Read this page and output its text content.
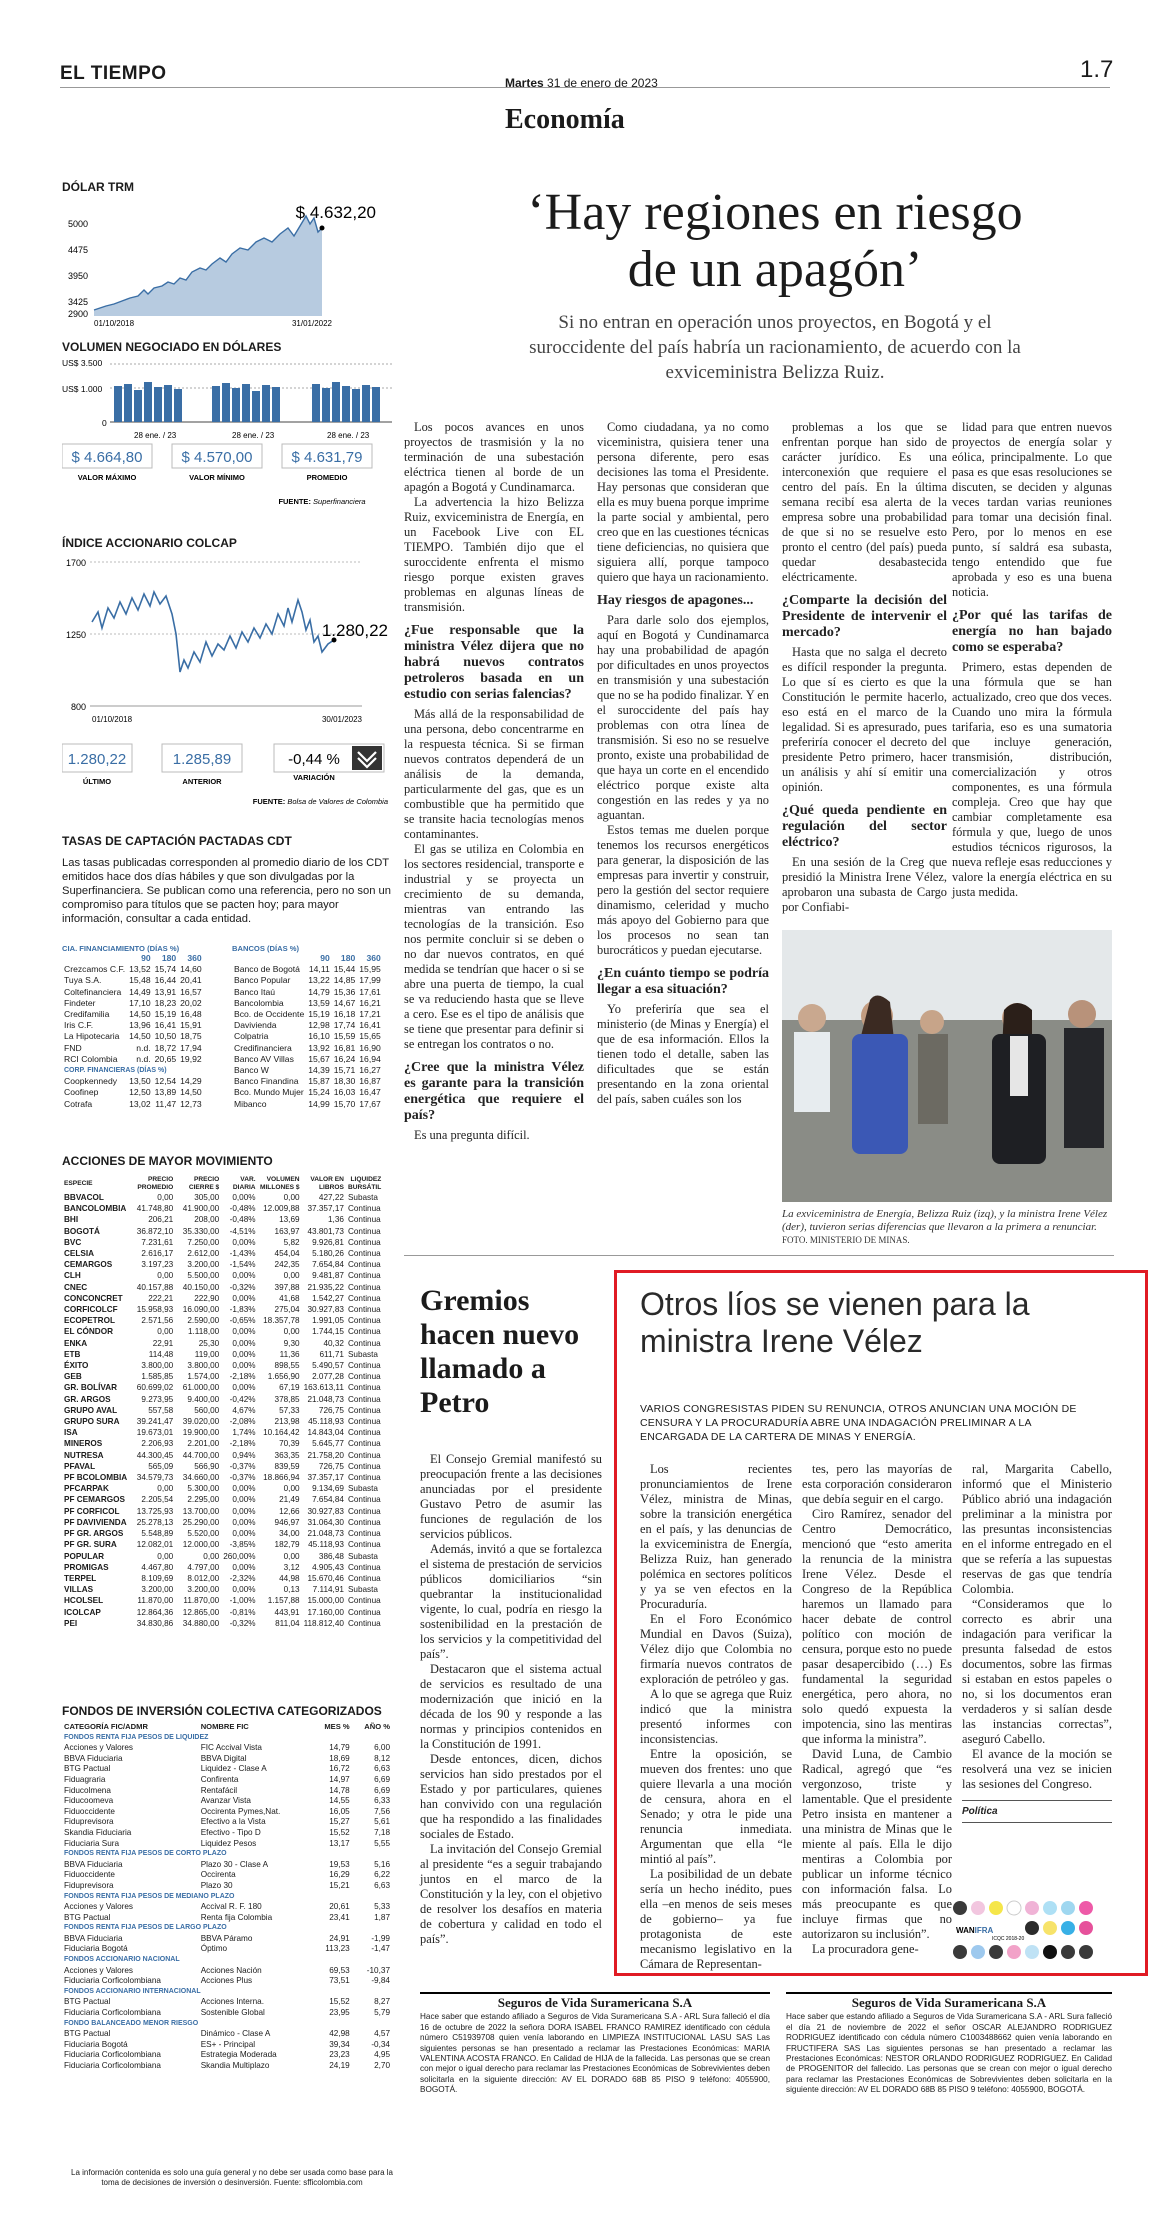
EL TIEMPO	Martes 31 de enero de 2023	1.7
Economía
DÓLAR TRM
5000
4475
3950
3425
2900
$ 4.632,20
01/10/2018	31/01/2022
VOLUMEN NEGOCIADO EN DÓLARES
US$ 3.500
US$ 1.000
0
28 ene. / 23	28 ene. / 23	28 ene. / 23
$ 4.664,80	$ 4.570,00	$ 4.631,79
VALOR MÁXIMO	VALOR MÍNIMO	PROMEDIO
FUENTE: Superfinanciera
ÍNDICE ACCIONARIO COLCAP
1700
1250
800
1.280,22
01/10/2018	30/01/2023
1.280,22	1.285,89	-0,44 %
ÚLTIMO	ANTERIOR	VARIACIÓN
FUENTE: Bolsa de Valores de Colombia
TASAS DE CAPTACIÓN PACTADAS CDT
Las tasas publicadas corresponden al promedio diario de los CDT emitidos hace dos días hábiles y que son divulgadas por la Superfinanciera. Se publican como una referencia, pero no son un compromiso para títulos que se pacten hoy; para mayor información, consultar a cada entidad.
CIA. FINANCIAMIENTO (DÍAS %)
	90	180	360
Crezcamos C.F.	13,52	15,74	14,60
Tuya S.A.	15,48	16,44	20,41
Coltefinanciera	14,49	13,91	16,57
Findeter	17,10	18,23	20,02
Credifamilia	14,50	15,19	16,48
Iris C.F.	13,96	16,41	15,91
La Hipotecaria	14,50	10,50	18,75
FND	n.d.	18,72	17,94
RCI Colombia	n.d.	20,65	19,92
CORP. FINANCIERAS (DÍAS %)			
Coopkennedy	13,50	12,54	14,29
Coofinep	12,50	13,89	14,50
Cotrafa	13,02	11,47	12,73
BANCOS (DÍAS %)
	90	180	360
Banco de Bogotá	14,11	15,44	15,95
Banco Popular	13,22	14,85	17,99
Banco Itaú	14,79	15,36	17,61
Bancolombia	13,59	14,67	16,21
Bco. de Occidente	15,19	16,18	17,21
Davivienda	12,98	17,74	16,41
Colpatria	16,10	15,59	15,65
Credifinanciera	13,92	16,81	16,90
Banco AV Villas	15,67	16,24	16,94
Banco W	14,39	15,71	16,27
Banco Finandina	15,87	18,30	16,87
Bco. Mundo Mujer	15,24	16,03	16,47
Mibanco	14,99	15,70	17,67
ACCIONES DE MAYOR MOVIMIENTO
ESPECIE	PRECIO PROMEDIO	PRECIO CIERRE $	VAR. DIARIA	VOLUMEN MILLONES $	VALOR EN LIBROS	LIQUIDEZ BURSÁTIL
BBVACOL	0,00	305,00	0,00%	0,00	427,22	Subasta
BANCOLOMBIA	41.748,80	41.900,00	-0,48%	12.009,88	37.357,17	Continua
BHI	206,21	208,00	-0,48%	13,69	1,36	Continua
BOGOTÁ	36.872,10	35.330,00	-4,51%	163,97	43.801,73	Continua
BVC	7.231,61	7.250,00	0,00%	5,82	9.926,81	Continua
CELSIA	2.616,17	2.612,00	-1,43%	454,04	5.180,26	Continua
CEMARGOS	3.197,23	3.200,00	-1,54%	242,35	7.654,84	Continua
CLH	0,00	5.500,00	0,00%	0,00	9.481,87	Continua
CNEC	40.157,88	40.150,00	-0,32%	397,88	21.935,22	Continua
CONCONCRET	222,21	222,90	0,00%	41,68	1.542,27	Continua
CORFICOLCF	15.958,93	16.090,00	-1,83%	275,04	30.927,83	Continua
ECOPETROL	2.571,56	2.590,00	-0,65%	18.357,78	1.991,05	Continua
EL CÓNDOR	0,00	1.118,00	0,00%	0,00	1.744,15	Continua
ENKA	22,91	25,30	0,00%	9,30	40,32	Continua
ETB	114,48	119,00	0,00%	11,36	611,71	Subasta
ÉXITO	3.800,00	3.800,00	0,00%	898,55	5.490,57	Continua
GEB	1.585,85	1.574,00	-2,18%	1.656,90	2.077,28	Continua
GR. BOLÍVAR	60.699,02	61.000,00	0,00%	67,19	163.613,11	Continua
GR. ARGOS	9.273,95	9.400,00	-0,42%	378,85	21.048,73	Continua
GRUPO AVAL	557,58	560,00	4,67%	57,33	726,75	Continua
GRUPO SURA	39.241,47	39.020,00	-2,08%	213,98	45.118,93	Continua
ISA	19.673,01	19.900,00	1,74%	10.164,42	14.843,04	Continua
MINEROS	2.206,93	2.201,00	-2,18%	70,39	5.645,77	Continua
NUTRESA	44.300,45	44.700,00	0,94%	363,35	21.758,20	Continua
PFAVAL	565,09	566,90	-0,37%	839,59	726,75	Continua
PF BCOLOMBIA	34.579,73	34.660,00	-0,37%	18.866,94	37.357,17	Continua
PFCARPAK	0,00	5.300,00	0,00%	0,00	9.134,69	Subasta
PF CEMARGOS	2.205,54	2.295,00	0,00%	21,49	7.654,84	Continua
PF CORFICOL	13.725,93	13.700,00	0,00%	12,66	30.927,83	Continua
PF DAVIVIENDA	25.278,13	25.290,00	0,00%	946,97	31.064,30	Continua
PF GR. ARGOS	5.548,89	5.520,00	0,00%	34,00	21.048,73	Continua
PF GR. SURA	12.082,01	12.000,00	-3,85%	182,79	45.118,93	Continua
POPULAR	0,00	0,00	260,00%	0,00	386,48	Subasta
PROMIGAS	4.467,80	4.797,00	0,00%	3,12	4.905,43	Continua
TERPEL	8.109,69	8.012,00	-2,32%	44,98	15.670,46	Continua
VILLAS	3.200,00	3.200,00	0,00%	0,13	7.114,91	Subasta
HCOLSEL	11.870,00	11.870,00	-1,00%	1.157,88	15.000,00	Continua
ICOLCAP	12.864,36	12.865,00	-0,81%	443,91	17.160,00	Continua
PEI	34.830,86	34.880,00	-0,32%	811,04	118.812,40	Continua
FONDOS DE INVERSIÓN COLECTIVA CATEGORIZADOS
CATEGORÍA FIC/ADMR	NOMBRE FIC	MES %	AÑO %
FONDOS RENTA FIJA PESOS DE LIQUIDEZ			
Acciones y Valores	FIC Accival Vista	14,79	6,00
BBVA Fiduciaria	BBVA Digital	18,69	8,12
BTG Pactual	Liquidez - Clase A	16,72	6,63
Fiduagraria	Confirenta	14,97	6,69
Fiducolmena	Rentafácil	14,78	6,69
Fiducoomeva	Avanzar Vista	14,55	6,33
Fiduoccidente	Occirenta Pymes,Nat.	16,05	7,56
Fiduprevisora	Efectivo a la Vista	15,27	5,61
Skandia Fiduciaria	Efectivo - Tipo D	15,52	7,18
Fiduciaria Sura	Liquidez Pesos	13,17	5,55
FONDOS RENTA FIJA PESOS DE CORTO PLAZO			
BBVA Fiduciaria	Plazo 30 - Clase A	19,53	5,16
Fiduoccidente	Occirenta	16,29	6,22
Fiduprevisora	Plazo 30	15,21	6,63
FONDOS RENTA FIJA PESOS DE MEDIANO PLAZO			
Acciones y Valores	Accival R. F. 180	20,61	5,33
BTG Pactual	Renta fija Colombia	23,41	1,87
FONDOS RENTA FIJA PESOS DE LARGO PLAZO			
BBVA Fiduciaria	BBVA Páramo	24,91	-1,99
Fiduciaria Bogotá	Óptimo	113,23	-1,47
FONDOS ACCIONARIO NACIONAL			
Acciones y Valores	Acciones Nación	69,53	-10,37
Fiduciaria Corficolombiana	Acciones Plus	73,51	-9,84
FONDOS ACCIONARIO INTERNACIONAL			
BTG Pactual	Acciones Interna.	15,52	8,27
Fiduciaria Corficolombiana	Sostenible Global	23,95	5,79
FONDO BALANCEADO MENOR RIESGO			
BTG Pactual	Dinámico - Clase A	42,98	4,57
Fiduciaria Bogotá	ES+ - Principal	39,34	-0,34
Fiduciaria Corficolombiana	Estrategia Moderada	23,23	4,95
Fiduciaria Corficolombiana	Skandia Multiplazo	24,19	2,70
La información contenida es solo una guía general y no debe ser usada como base para la toma de decisiones de inversión o desinversión. Fuente: sfficolombia.com
‘Hay regiones en riesgo de un apagón’
Si no entran en operación unos proyectos, en Bogotá y el suroccidente del país habría un racionamiento, de acuerdo con la exviceministra Belizza Ruiz.

Los pocos avances en unos proyectos de trasmisión y la no terminación de una subestación eléctrica tienen al borde de un apagón a Bogotá y Cundinamarca.

La advertencia la hizo Belizza Ruiz, exviceministra de Energía, en un Facebook Live con EL TIEMPO. También dijo que el suroccidente enfrenta el mismo riesgo porque existen graves problemas en algunas líneas de transmisión.

¿Fue responsable que la ministra Vélez dijera que no habrá nuevos contratos petroleros basada en un estudio con serias falencias?

Más allá de la responsabilidad de una persona, debo concentrarme en la respuesta técnica. Si se firman nuevos contratos dependerá de un análisis de la demanda, particularmente del gas, que es un combustible que ha permitido que se transite hacia tecnologías menos contaminantes.

El gas se utiliza en Colombia en los sectores residencial, transporte e industrial y se proyecta un crecimiento de su demanda, mientras van entrando las tecnologías de la transición. Eso nos permite concluir si se deben o no dar nuevos contratos, en qué medida se tendrían que hacer o si se abre una puerta de tiempo, la cual se va reduciendo hasta que se lleve a cero. Ese es el tipo de análisis que se tiene que presentar para definir si se entregan los contratos o no.

¿Cree que la ministra Vélez es garante para la transición energética que requiere el país?

Es una pregunta difícil.

Como ciudadana, ya no como viceministra, quisiera tener una persona diferente, pero esas decisiones las toma el Presidente. Hay personas que consideran que ella es muy buena porque imprime la parte social y ambiental, pero creo que en las cuestiones técnicas tiene deficiencias, no quisiera que siguiera allí, porque tampoco quiero que haya un racionamiento.

Hay riesgos de apagones...

Para darle solo dos ejemplos, aquí en Bogotá y Cundinamarca hay una probabilidad de apagón por dificultades en unos proyectos en transmisión y una subestación que no se ha podido finalizar. Y en el suroccidente del país hay problemas con otra línea de transmisión. Si eso no se resuelve pronto, existe una probabilidad de que haya un corte en el encendido eléctrico porque existe alta congestión en las redes y ya no aguantan.

Estos temas me duelen porque tenemos los recursos energéticos para generar, la disposición de las empresas para invertir y construir, pero la gestión del sector requiere dinamismo, celeridad y mucho más apoyo del Gobierno para que los procesos no sean tan burocráticos y puedan ejecutarse.

¿En cuánto tiempo se podría llegar a esa situación?

Yo preferiría que sea el ministerio (de Minas y Energía) el que de esa información. Ellos la tienen todo el detalle, saben las dificultades que se están presentando en la zona oriental del país, saben cuáles son los

problemas a los que se enfrentan porque han sido de carácter jurídico. Es una interconexión que requiere el centro del país. En la última semana recibí esa alerta de la empresa sobre una probabilidad de que si no se resuelve esto pronto el centro (del país) pueda quedar desabastecida eléctricamente.

¿Comparte la decisión del Presidente de intervenir el mercado?

Hasta que no salga el decreto es difícil responder la pregunta. Lo que sí es cierto es que la Constitución le permite hacerlo, eso está en el marco de la legalidad. Si es apresurado, pues preferiría conocer el decreto del presidente Petro primero, hacer un análisis y ahí sí emitir una opinión.

¿Qué queda pendiente en regulación del sector eléctrico?

En una sesión de la Creg que presidió la Ministra Irene Vélez, aprobaron una subasta de Cargo por Confiabi-

lidad para que entren nuevos proyectos de energía solar y eólica, principalmente. Lo que pasa es que esas resoluciones se discuten, se deciden y algunas veces tardan varias reuniones para tomar una decisión final. Pero, por lo menos en ese punto, sí saldrá esa subasta, tengo entendido que fue aprobada y eso es una buena noticia.

¿Por qué las tarifas de energía no han bajado como se esperaba?

Primero, estas dependen de una fórmula que se han actualizado, creo que dos veces. Cuando uno mira la fórmula tarifaria, eso es una sumatoria que incluye generación, transmisión, distribución, comercialización y otros componentes, es una fórmula compleja. Creo que hay que cambiar completamente esa fórmula y que, luego de unos estudios técnicos rigurosos, la nueva refleje esas reducciones y valore la energía eléctrica en su justa medida.

La exviceministra de Energía, Belizza Ruiz (izq), y la ministra Irene Vélez (der), tuvieron serias diferencias que llevaron a la primera a renunciar. FOTO. MINISTERIO DE MINAS.
Gremios hacen nuevo llamado a Petro

El Consejo Gremial manifestó su preocupación frente a las decisiones anunciadas por el presidente Gustavo Petro de asumir las funciones de regulación de los servicios públicos.

Además, invitó a que se fortalezca el sistema de prestación de servicios públicos domiciliarios “sin quebrantar la institucionalidad vigente, lo cual, podría en riesgo la sostenibilidad en la prestación de los servicios y la competitividad del país”.

Destacaron que el sistema actual de servicios es resultado de una modernización que inició en la década de los 90 y responde a las normas y principios contenidos en la Constitución de 1991.

Desde entonces, dicen, dichos servicios han sido prestados por el Estado y por particulares, quienes han convivido con una regulación que ha respondido a las finalidades sociales de Estado.

La invitación del Consejo Gremial al presidente “es a seguir trabajando juntos en el marco de la Constitución y la ley, con el objetivo de resolver los desafíos en materia de cobertura y calidad en todo el país”.

Otros líos se vienen para la ministra Irene Vélez
VARIOS CONGRESISTAS PIDEN SU RENUNCIA, OTROS ANUNCIAN UNA MOCIÓN DE CENSURA Y LA PROCURADURÍA ABRE UNA INDAGACIÓN PRELIMINAR A LA ENCARGADA DE LA CARTERA DE MINAS Y ENERGÍA.

Los recientes pronunciamientos de Irene Vélez, ministra de Minas, sobre la transición energética en el país, y las denuncias de la exviceministra de Energía, Belizza Ruiz, han generado polémica en sectores políticos y ya se ven efectos en la Procuraduría.

En el Foro Económico Mundial en Davos (Suiza), Vélez dijo que Colombia no firmaría nuevos contratos de exploración de petróleo y gas.

A lo que se agrega que Ruiz indicó que la ministra presentó informes con inconsistencias.

Entre la oposición, se mueven dos frentes: uno que quiere llevarla a una moción de censura, ahora en el Senado; y otra le pide una renuncia inmediata. Argumentan que ella “le mintió al país”.

La posibilidad de un debate sería un hecho inédito, pues ella –en menos de seis meses de gobierno– ya fue protagonista de este mecanismo legislativo en la Cámara de Representan-

tes, pero las mayorías de esta corporación consideraron que debía seguir en el cargo.

Ciro Ramírez, senador del Centro Democrático, mencionó que “esto amerita la renuncia de la ministra Irene Vélez. Desde el Congreso de la República haremos un llamado para hacer debate de control político con moción de censura, porque esto no puede pasar desapercibido (…) Es fundamental la seguridad energética, pero ahora, no solo quedó expuesta la impotencia, sino las mentiras que informa la ministra”.

David Luna, de Cambio Radical, agregó que “es vergonzoso, triste y lamentable. Que el presidente Petro insista en mantener a una ministra de Minas que le miente al país. Ella le dijo mentiras a Colombia por publicar un informe técnico con información falsa. Lo más preocupante es que incluye firmas que no autorizaron su inclusión”.

La procuradora gene-

ral, Margarita Cabello, informó que el Ministerio Público abrió una indagación preliminar a la ministra por las presuntas inconsistencias en el informe entregado en el que se refería a las supuestas reservas de gas que tendría Colombia.

“Consideramos que lo correcto es abrir una indagación para verificar la presunta falsedad de estos documentos, sobre las firmas si estaban en estos papeles o no, si los documentos eran verdaderos y si salían desde las instancias correctas”, aseguró Cabello.

El avance de la moción se resolverá una vez se inicien las sesiones del Congreso.

Política
WANIFRA
ICQC 2018-20
Seguros de Vida Suramericana S.A
Hace saber que estando afiliado a Seguros de Vida Suramericana S.A - ARL Sura falleció el día 16 de octubre de 2022 la señora DORA ISABEL FRANCO RAMIREZ identificado con cédula número C51939708 quien venía laborando en LIMPIEZA INSTITUCIONAL LASU SAS Las siguientes personas se han presentado a reclamar las Prestaciones Económicas: MARIA VALENTINA ACOSTA FRANCO. En Calidad de HIJA de la fallecida. Las personas que se crean con mejor o igual derecho para reclamar las Prestaciones Económicas de Sobrevivientes deben solicitarla en la siguiente dirección: AV EL DORADO 68B 85 PISO 9 teléfono: 4055900, BOGOTÁ.
Seguros de Vida Suramericana S.A
Hace saber que estando afiliado a Seguros de Vida Suramericana S.A - ARL Sura falleció el día 21 de noviembre de 2022 el señor OSCAR ALEJANDRO RODRIGUEZ RODRIGUEZ identificado con cédula número C1003488662 quien venía laborando en FRUCTIFERA SAS Las siguientes personas se han presentado a reclamar las Prestaciones Económicas: NESTOR ORLANDO RODRIGUEZ RODRIGUEZ. En Calidad de PROGENITOR del fallecido. Las personas que se crean con mejor o igual derecho para reclamar las Prestaciones Económicas de Sobrevivientes deben solicitarla en la siguiente dirección: AV EL DORADO 68B 85 PISO 9 teléfono: 4055900, BOGOTÁ.
